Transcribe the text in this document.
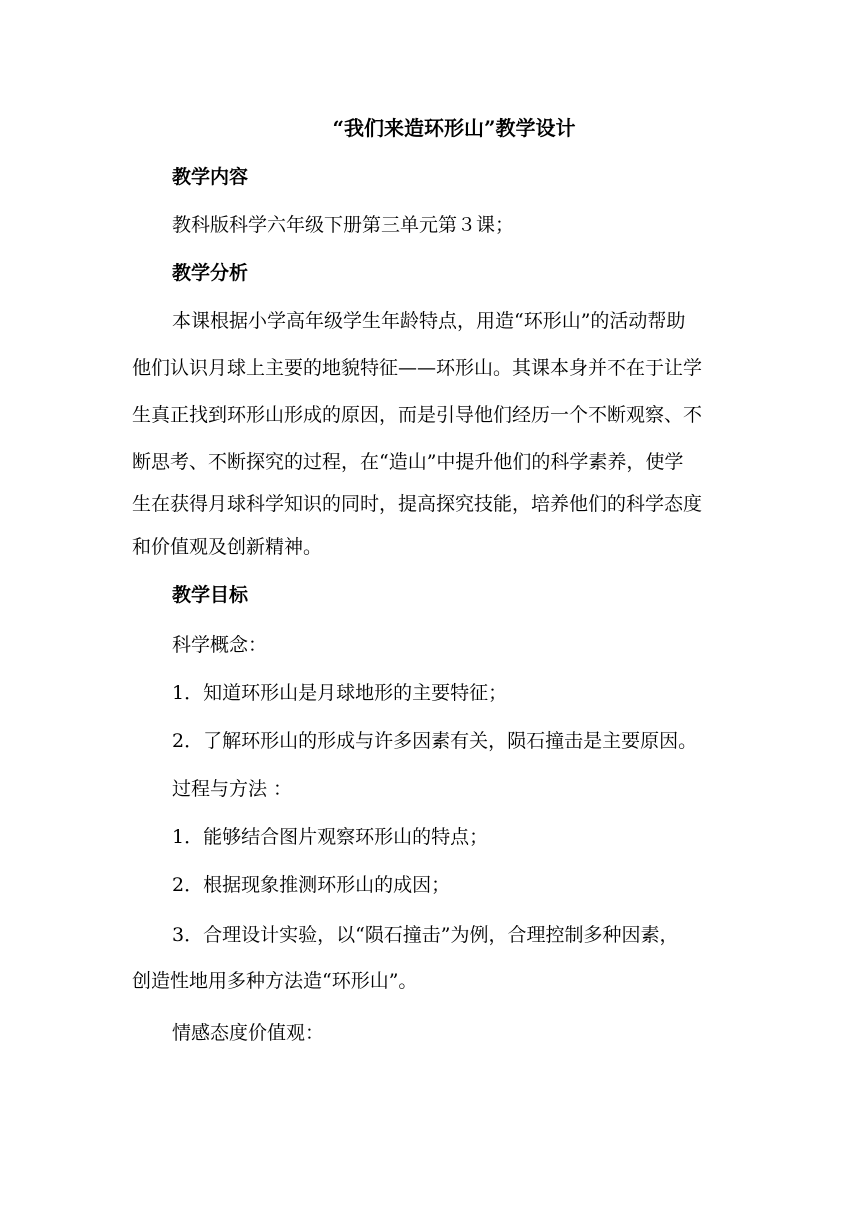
“我们来造环形山”教学设计

教学内容

教科版科学六年级下册第三单元第３课；

教学分析

本课根据小学高年级学生年龄特点，用造“环形山”的活动帮助

他们认识月球上主要的地貌特征——环形山。其课本身并不在于让学

生真正找到环形山形成的原因，而是引导他们经历一个不断观察、不

断思考、不断探究的过程，在“造山”中提升他们的科学素养，使学

生在获得月球科学知识的同时，提高探究技能，培养他们的科学态度

和价值观及创新精神。

教学目标

科学概念：

1．知道环形山是月球地形的主要特征；

2．了解环形山的形成与许多因素有关，陨石撞击是主要原因。

过程与方法 ：

1．能够结合图片观察环形山的特点；

2．根据现象推测环形山的成因；

3．合理设计实验，以“陨石撞击”为例，合理控制多种因素，

创造性地用多种方法造“环形山”。

情感态度价值观：
